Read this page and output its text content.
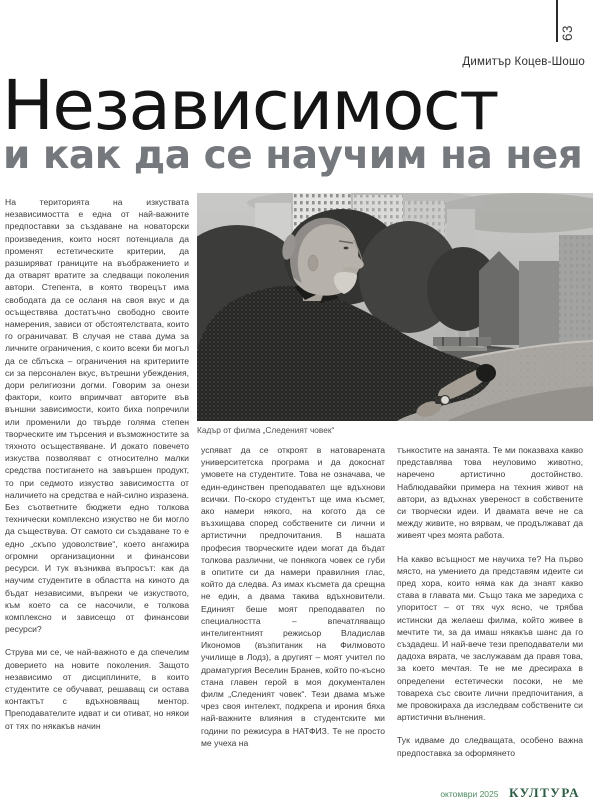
63
Димитър Коцев-Шошо
Независимост
и как да се научим на нея
Кадър от филма „Следеният човек“

На територията на изкуствата независимостта е една от най-важните предпоставки за създаване на новаторски произведения, които носят потенциала да променят естетическите критерии, да разширяват границите на въображението и да отварят вратите за следващи поколения автори. Степента, в която творецът има свободата да се осланя на своя вкус и да осъществява достатъчно свободно своите намерения, зависи от обстоятелствата, които го ограничават. В случая не става дума за личните ограничения, с които всеки би могъл да се сблъска – ограничения на критериите си за персонален вкус, вътрешни убеждения, дори религиозни догми. Говорим за онези фактори, които впримчват авторите във външни зависимости, които биха попречили или променили до твърде голяма степен творческите им търсения и възможностите за тяхното осъществяване. И докато повечето изкуства позволяват с относително малки средства постигането на завършен продукт, то при седмото изкуство зависимостта от наличието на средства е най-силно изразена. Без съответните бюджети едно толкова технически комплексно изкуство не би могло да съществува. От самото си създаване то е едно „скъпо удоволствие“, което ангажира огромни организационни и финансови ресурси. И тук възниква въпросът: как да научим студентите в областта на киното да бъдат независими, въпреки че изкуството, към което са се насочили, е толкова комплексно и зависещо от финансови ресурси?

Струва ми се, че най-важното е да спечелим доверието на новите поколения. Защото независимо от дисциплините, в които студентите се обучават, решаващ си остава контактът с вдъхновяващ ментор. Преподавателите идват и си отиват, но някои от тях по някакъв начин

успяват да се откроят в натоварената университетска програма и да докоснат умовете на студентите. Това не означава, че един-единствен преподавател ще вдъхнови всички. По-скоро студентът ще има късмет, ако намери някого, на когото да се възхищава според собствените си лични и артистични предпочитания. В нашата професия творческите идеи могат да бъдат толкова различни, че понякога човек се губи в опитите си да намери правилния глас, който да следва. Аз имах късмета да срещна не един, а двама такива вдъхновители. Единият беше моят преподавател по специалността – впечатляващо интелигентният режисьор Владислав Икономов (възпитаник на Филмовото училище в Лодз), а другият – моят учител по драматургия Веселин Бранев, който по-късно стана главен герой в моя документален филм „Следеният човек“. Тези двама мъже чрез своя интелект, подкрепа и ирония бяха най-важните влияния в студентските ми години по режисура в НАТФИЗ. Те не просто ме учеха на

тънкостите на занаята. Те ми показваха какво представлява това неуловимо животно, наречено артистично достойнство. Наблюдавайки примера на техния живот на автори, аз вдъхнах увереност в собствените си творчески идеи. И двамата вече не са между живите, но вярвам, че продължават да живеят чрез моята работа.

На какво всъщност ме научиха те? На първо място, на умението да представям идеите си пред хора, които няма как да знаят какво става в главата ми. Също така ме заредиха с упоритост – от тях чух ясно, че трябва истински да желаеш филма, който живее в мечтите ти, за да имаш някакъв шанс да го създадеш. И най-вече тези преподаватели ми дадоха вярата, че заслужавам да правя това, за което мечтая. Те не ме дресираха в определени естетически посоки, не ме товареха със своите лични предпочитания, а ме провокираха да изследвам собствените си артистични вълнения.

Тук идваме до следващата, особено важна предпоставка за оформянето

октомври 2025 КУЛТУРА
